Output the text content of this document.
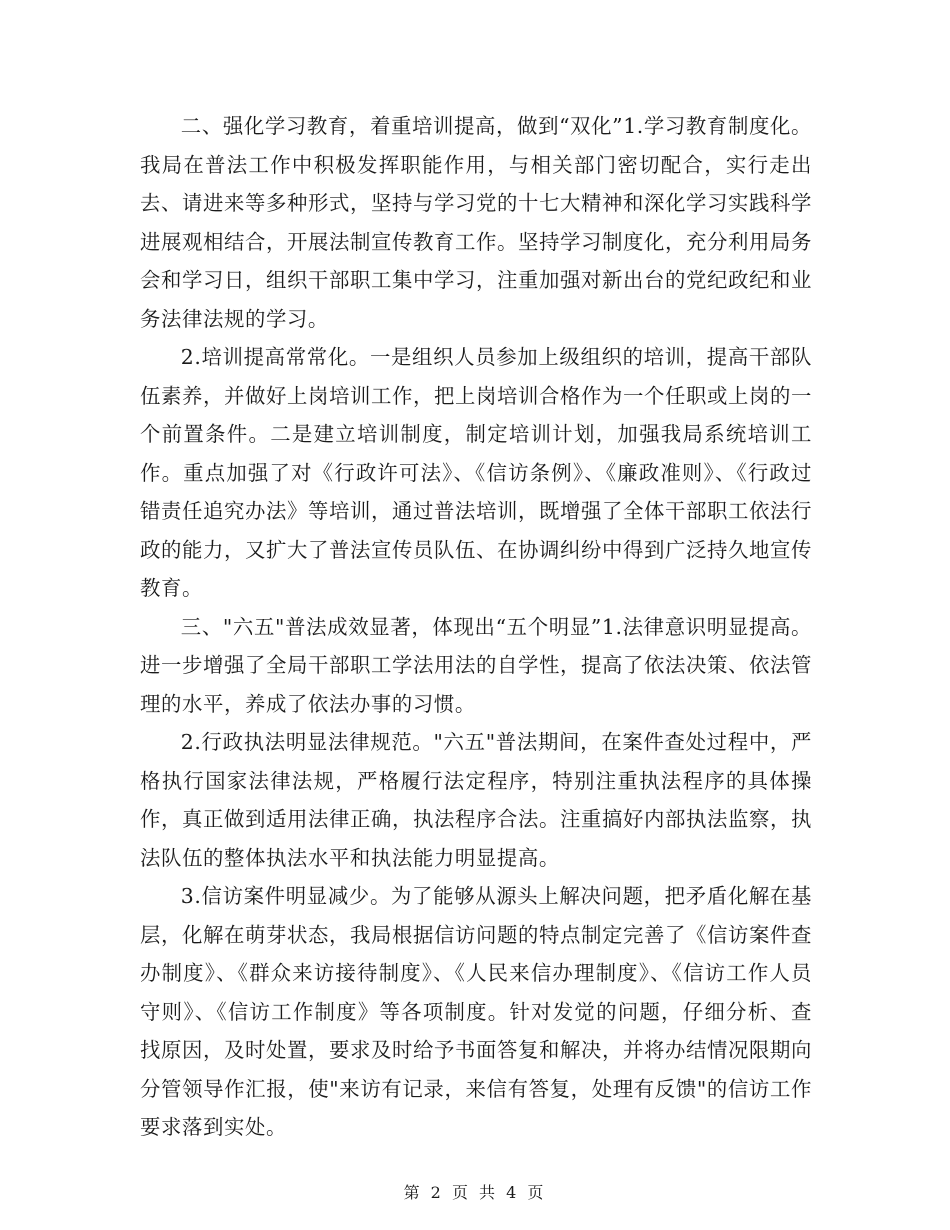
二、强化学习教育，着重培训提高，做到“双化”1.学习教育制度化。我局在普法工作中积极发挥职能作用，与相关部门密切配合，实行走出去、请进来等多种形式，坚持与学习党的十七大精神和深化学习实践科学进展观相结合，开展法制宣传教育工作。坚持学习制度化，充分利用局务会和学习日，组织干部职工集中学习，注重加强对新出台的党纪政纪和业务法律法规的学习。

2.培训提高常常化。一是组织人员参加上级组织的培训，提高干部队伍素养，并做好上岗培训工作，把上岗培训合格作为一个任职或上岗的一个前置条件。二是建立培训制度，制定培训计划，加强我局系统培训工作。重点加强了对《行政许可法》、《信访条例》、《廉政准则》、《行政过错责任追究办法》等培训，通过普法培训，既增强了全体干部职工依法行政的能力，又扩大了普法宣传员队伍、在协调纠纷中得到广泛持久地宣传教育。

三、"六五"普法成效显著，体现出“五个明显”1.法律意识明显提高。进一步增强了全局干部职工学法用法的自学性，提高了依法决策、依法管理的水平，养成了依法办事的习惯。

2.行政执法明显法律规范。"六五"普法期间，在案件查处过程中，严格执行国家法律法规，严格履行法定程序，特别注重执法程序的具体操作，真正做到适用法律正确，执法程序合法。注重搞好内部执法监察，执法队伍的整体执法水平和执法能力明显提高。

3.信访案件明显减少。为了能够从源头上解决问题，把矛盾化解在基层，化解在萌芽状态，我局根据信访问题的特点制定完善了《信访案件查办制度》、《群众来访接待制度》、《人民来信办理制度》、《信访工作人员守则》、《信访工作制度》等各项制度。针对发觉的问题，仔细分析、查找原因，及时处置，要求及时给予书面答复和解决，并将办结情况限期向分管领导作汇报，使"来访有记录，来信有答复，处理有反馈"的信访工作要求落到实处。

第 2 页 共 4 页
